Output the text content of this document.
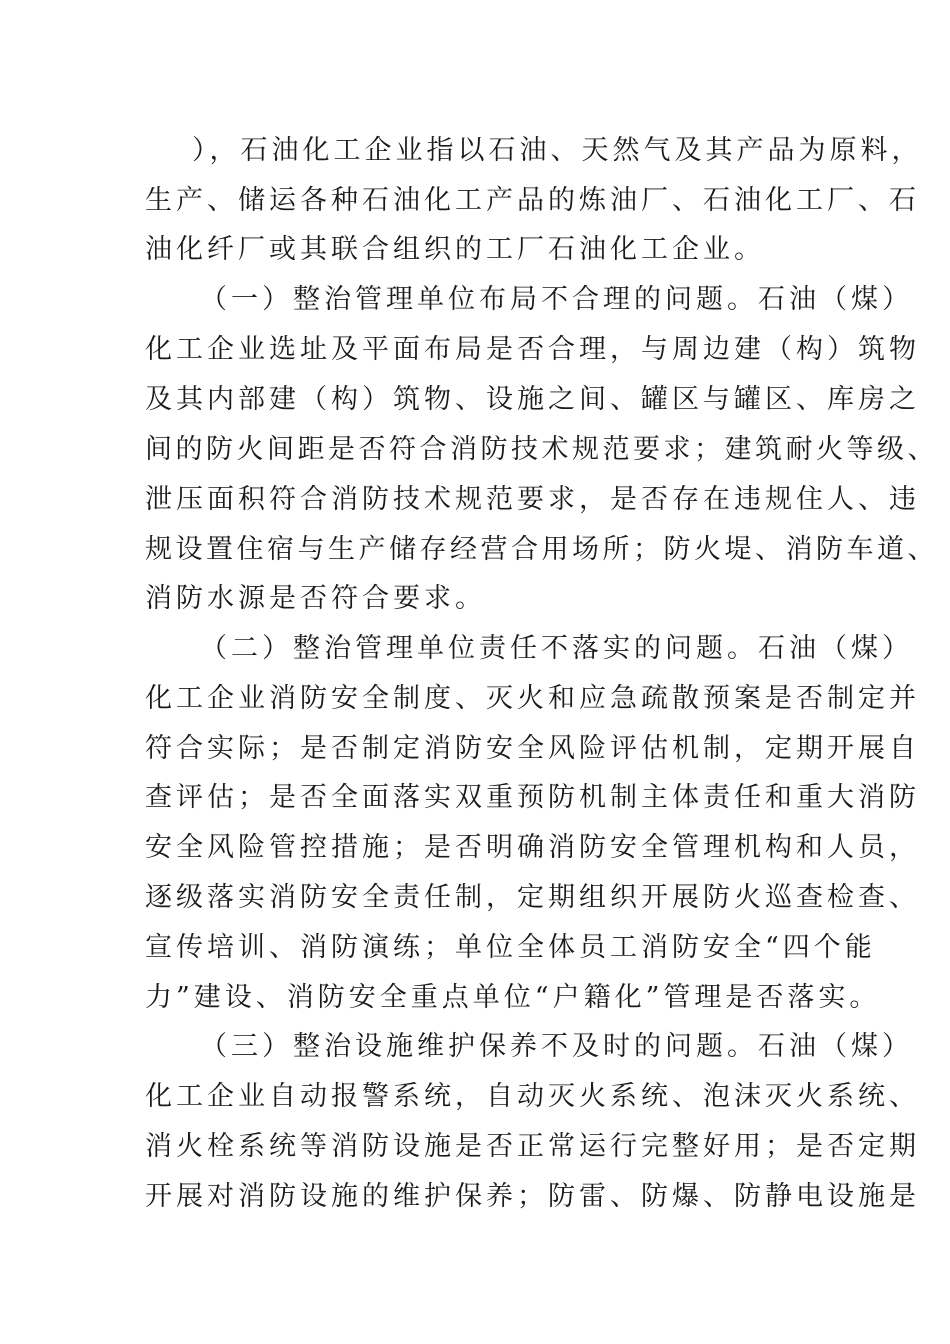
），石油化工企业指以石油、天然气及其产品为原料，
生产、储运各种石油化工产品的炼油厂、石油化工厂、石
油化纤厂或其联合组织的工厂石油化工企业。
（一）整治管理单位布局不合理的问题。石油（煤）
化工企业选址及平面布局是否合理，与周边建（构）筑物
及其内部建（构）筑物、设施之间、罐区与罐区、库房之
间的防火间距是否符合消防技术规范要求；建筑耐火等级、
泄压面积符合消防技术规范要求，是否存在违规住人、违
规设置住宿与生产储存经营合用场所；防火堤、消防车道、
消防水源是否符合要求。
（二）整治管理单位责任不落实的问题。石油（煤）
化工企业消防安全制度、灭火和应急疏散预案是否制定并
符合实际；是否制定消防安全风险评估机制，定期开展自
查评估；是否全面落实双重预防机制主体责任和重大消防
安全风险管控措施；是否明确消防安全管理机构和人员，
逐级落实消防安全责任制，定期组织开展防火巡查检查、
宣传培训、消防演练；单位全体员工消防安全“四个能
力”建设、消防安全重点单位“户籍化”管理是否落实。
（三）整治设施维护保养不及时的问题。石油（煤）
化工企业自动报警系统，自动灭火系统、泡沫灭火系统、
消火栓系统等消防设施是否正常运行完整好用；是否定期
开展对消防设施的维护保养；防雷、防爆、防静电设施是
